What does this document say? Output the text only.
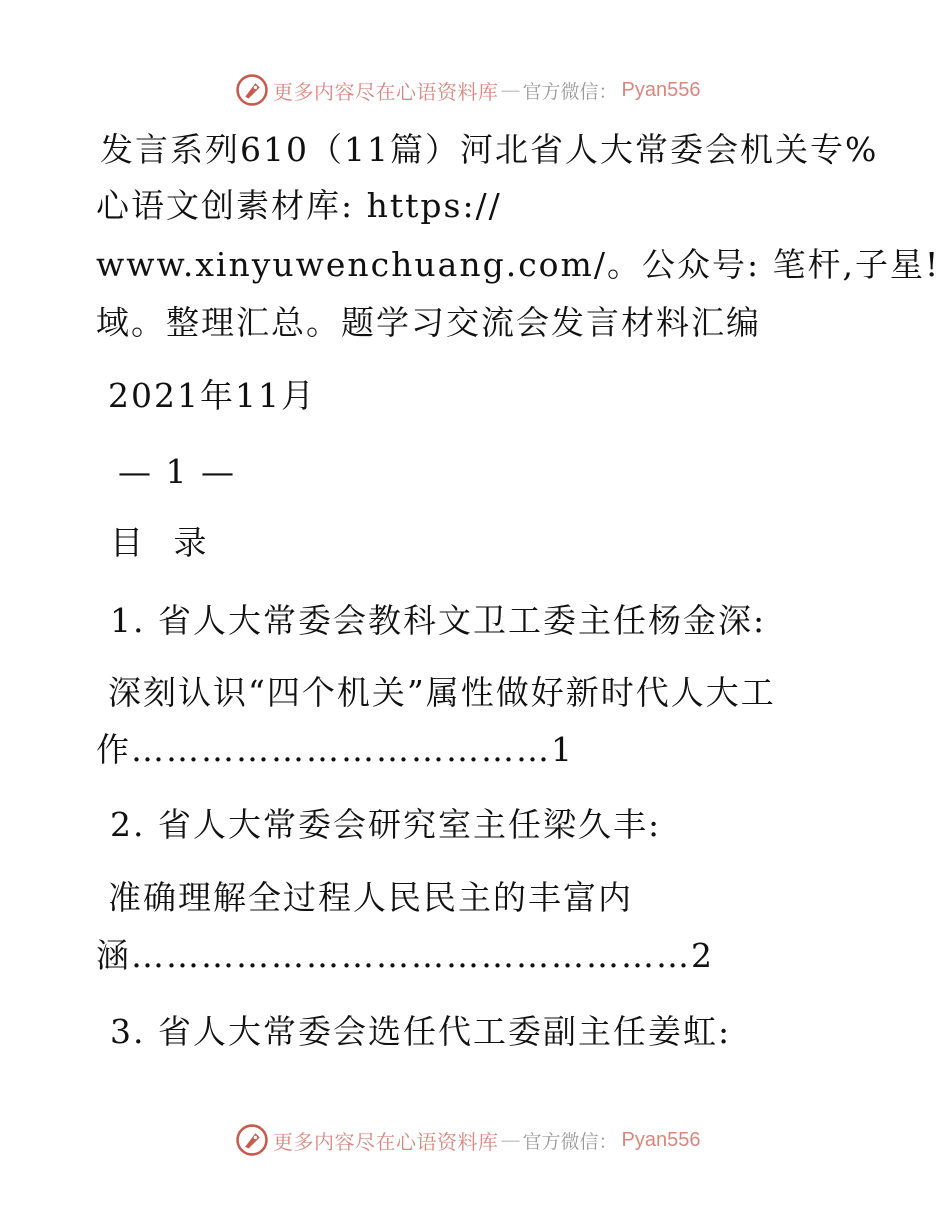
更多内容尽在心语资料库 — 官方微信： Pyan556
发言系列610（11篇）河北省人大常委会机关专%
心语文创素材库: https://
www.xinyuwenchuang.com/。公众号: 笔杆,子星!
域。整理汇总。题学习交流会发言材料汇编
2021年11月
— 1 —
目 录
1. 省人大常委会教科文卫工委主任杨金深:
深刻认识“四个机关”属性做好新时代人大工
作………………………………1
2. 省人大常委会研究室主任梁久丰:
准确理解全过程人民民主的丰富内
涵…………………………………………2
3. 省人大常委会选任代工委副主任姜虹:
更多内容尽在心语资料库 — 官方微信： Pyan556
